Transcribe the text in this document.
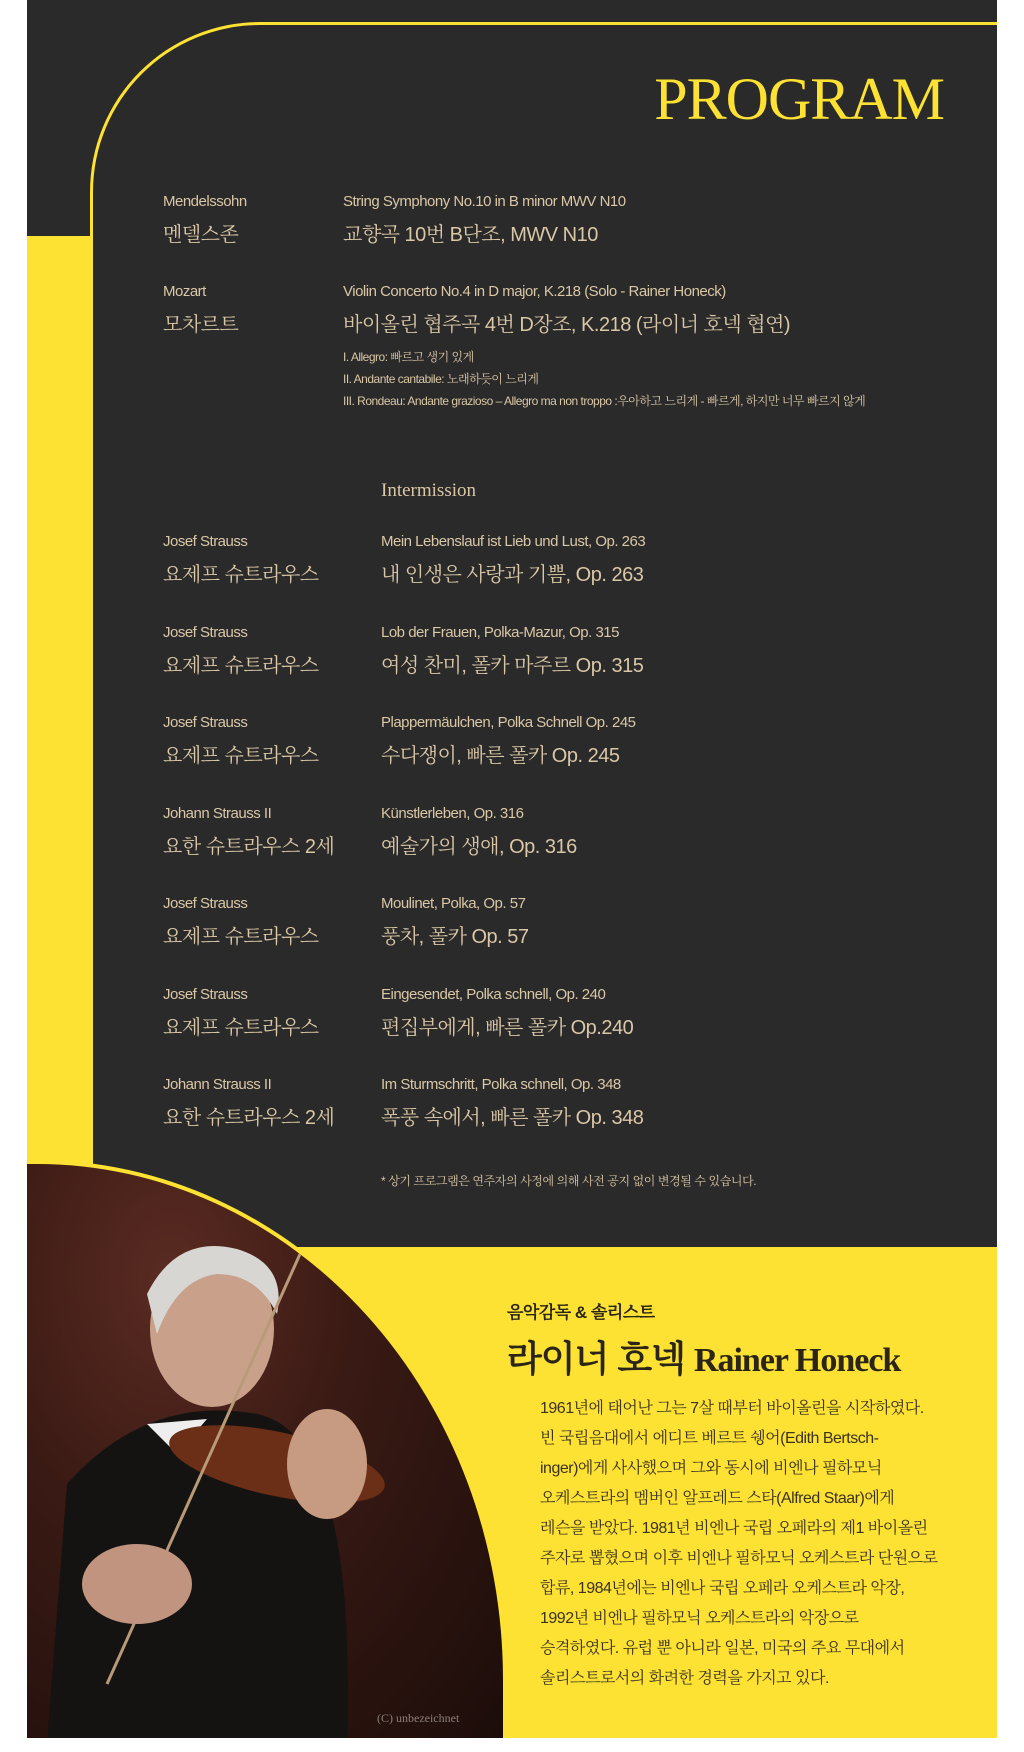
PROGRAM
Mendelssohn
멘델스존
String Symphony No.10 in B minor MWV N10
교향곡 10번 B단조, MWV N10
Mozart
모차르트
Violin Concerto No.4 in D major, K.218 (Solo - Rainer Honeck)
바이올린 협주곡 4번 D장조, K.218 (라이너 호넥 협연)
I. Allegro: 빠르고 생기 있게
II. Andante cantabile: 노래하듯이 느리게
III. Rondeau: Andante grazioso – Allegro ma non troppo :우아하고 느리게 - 빠르게, 하지만 너무 빠르지 않게
Intermission
Josef Strauss
요제프 슈트라우스
Mein Lebenslauf ist Lieb und Lust, Op. 263
내 인생은 사랑과 기쁨, Op. 263
Josef Strauss
요제프 슈트라우스
Lob der Frauen, Polka-Mazur, Op. 315
여성 찬미, 폴카 마주르 Op. 315
Josef Strauss
요제프 슈트라우스
Plappermäulchen, Polka Schnell Op. 245
수다쟁이, 빠른 폴카 Op. 245
Johann Strauss II
요한 슈트라우스 2세
Künstlerleben, Op. 316
예술가의 생애, Op. 316
Josef Strauss
요제프 슈트라우스
Moulinet, Polka, Op. 57
풍차, 폴카 Op. 57
Josef Strauss
요제프 슈트라우스
Eingesendet, Polka schnell, Op. 240
편집부에게, 빠른 폴카 Op.240
Johann Strauss II
요한 슈트라우스 2세
Im Sturmschritt, Polka schnell, Op. 348
폭풍 속에서, 빠른 폴카 Op. 348
* 상기 프로그램은 연주자의 사정에 의해 사전 공지 없이 변경될 수 있습니다.
(C) unbezeichnet
음악감독 & 솔리스트
라이너 호넥 Rainer Honeck
1961년에 태어난 그는 7살 때부터 바이올린을 시작하였다.
빈 국립음대에서 에디트 베르트 쉥어(Edith Bertsch-
inger)에게 사사했으며 그와 동시에 비엔나 필하모닉
오케스트라의 멤버인 알프레드 스타(Alfred Staar)에게
레슨을 받았다. 1981년 비엔나 국립 오페라의 제1 바이올린
주자로 뽑혔으며 이후 비엔나 필하모닉 오케스트라 단원으로
합류, 1984년에는 비엔나 국립 오페라 오케스트라 악장,
1992년 비엔나 필하모닉 오케스트라의 악장으로
승격하였다. 유럽 뿐 아니라 일본, 미국의 주요 무대에서
솔리스트로서의 화려한 경력을 가지고 있다.
